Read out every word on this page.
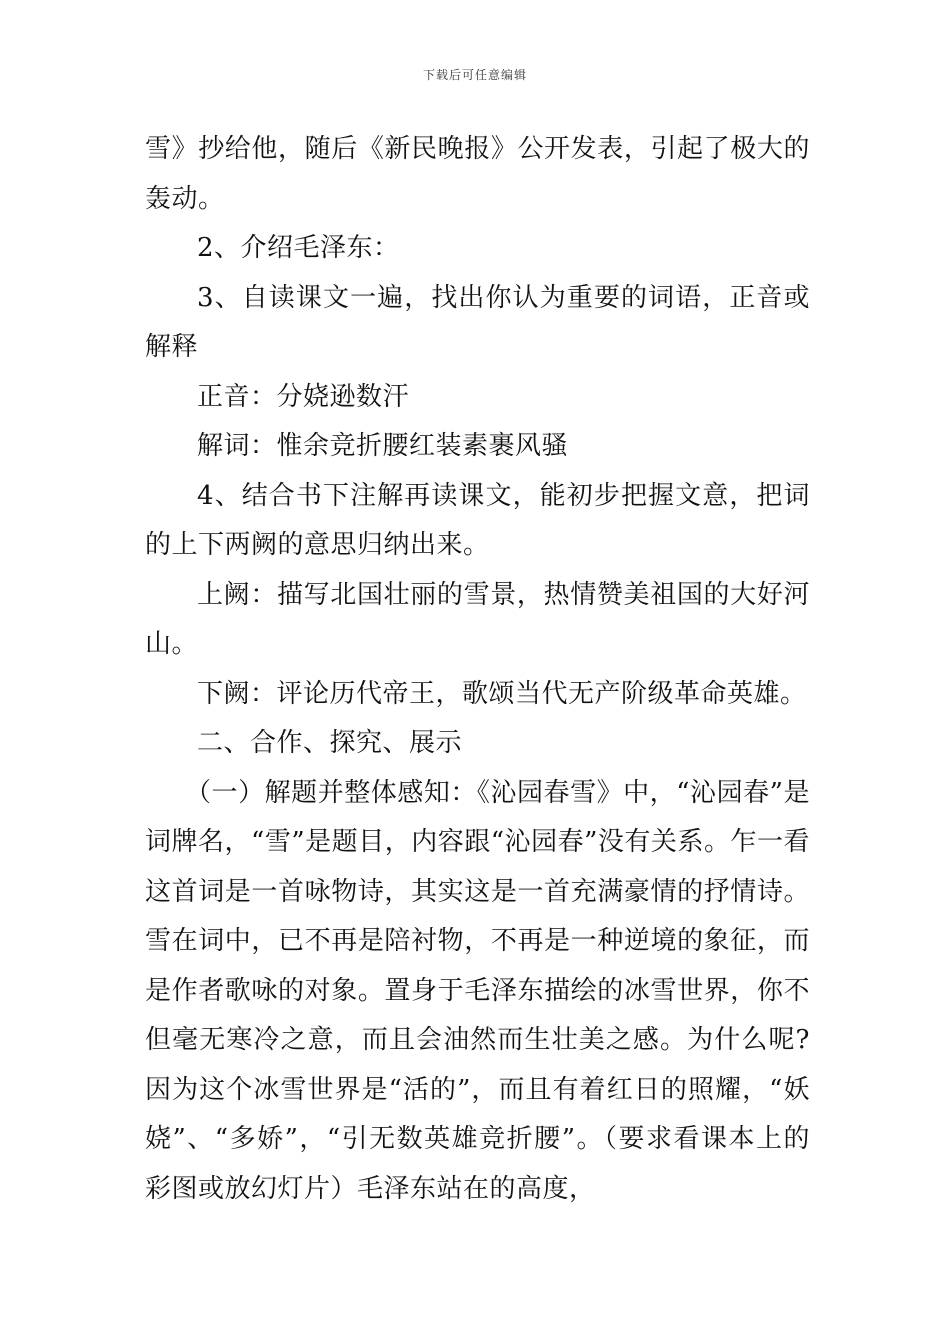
下载后可任意编辑

雪》抄给他，随后《新民晚报》公开发表，引起了极大的轰动。

2、介绍毛泽东：

3、自读课文一遍，找出你认为重要的词语，正音或解释

正音：分娆逊数汗

解词：惟余竞折腰红装素裹风骚

4、结合书下注解再读课文，能初步把握文意，把词的上下两阙的意思归纳出来。

上阙：描写北国壮丽的雪景，热情赞美祖国的大好河山。

下阙：评论历代帝王，歌颂当代无产阶级革命英雄。

二、合作、探究、展示

（一）解题并整体感知：《沁园春雪》中，“沁园春”是词牌名，“雪”是题目，内容跟“沁园春”没有关系。乍一看这首词是一首咏物诗，其实这是一首充满豪情的抒情诗。雪在词中，已不再是陪衬物，不再是一种逆境的象征，而是作者歌咏的对象。置身于毛泽东描绘的冰雪世界，你不但毫无寒冷之意，而且会油然而生壮美之感。为什么呢?因为这个冰雪世界是“活的”，而且有着红日的照耀，“妖娆”、“多娇”，“引无数英雄竞折腰”。（要求看课本上的彩图或放幻灯片）毛泽东站在的高度，
